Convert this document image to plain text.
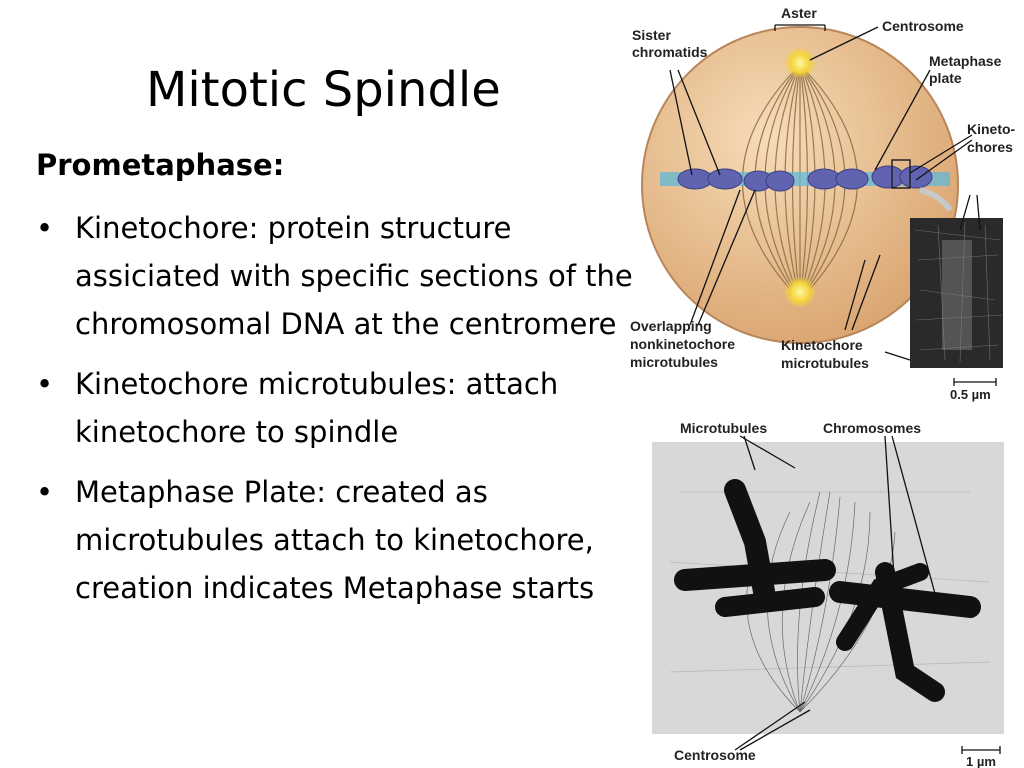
Mitotic Spindle
Prometaphase:
• Kinetochore: protein structure assiciated with specific sections of the chromosomal DNA at the centromere
• Kinetochore microtubules: attach kinetochore to spindle
• Metaphase Plate: created as microtubules attach to kinetochore, creation indicates Metaphase starts
Aster
Centrosome
Sister
chromatids
Metaphase
plate
Kineto-
chores
Overlapping
nonkinetochore
microtubules
Kinetochore
microtubules
0.5 µm
Microtubules	Chromosomes
Centrosome	1 µm
